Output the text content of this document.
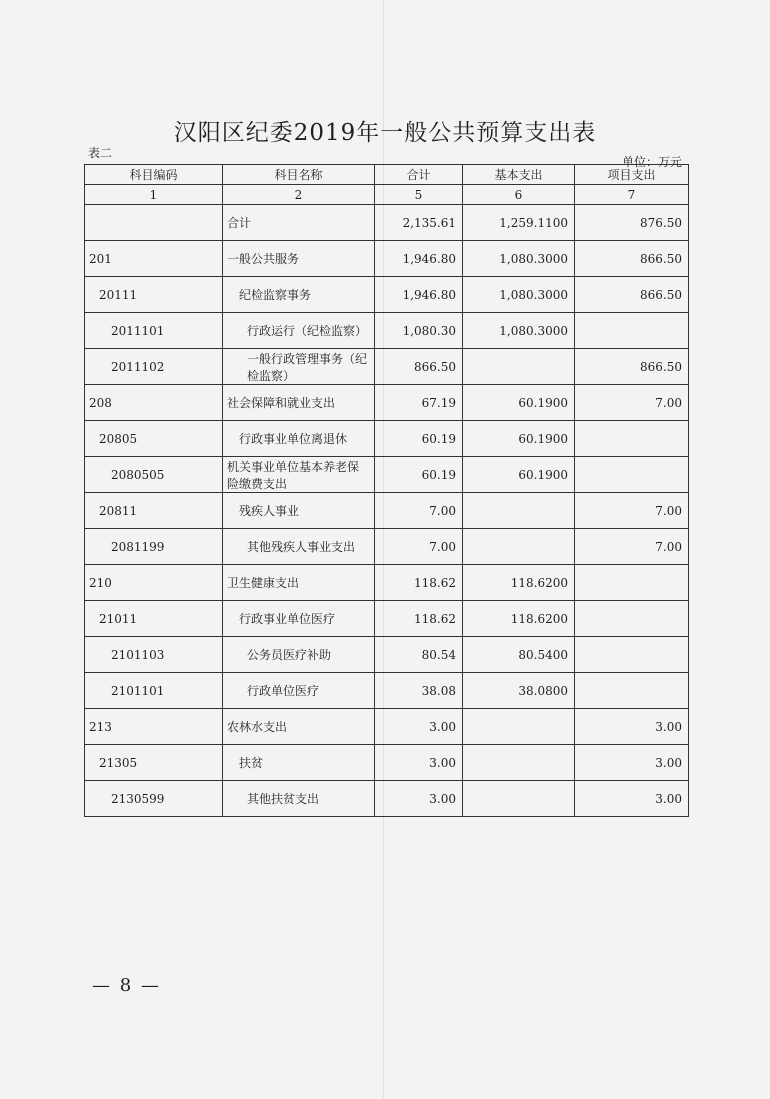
汉阳区纪委2019年一般公共预算支出表
表二
单位：万元
科目编码	科目名称	合计	基本支出	项目支出
1	2	5	6	7
	合计	2,135.61	1,259.1100	876.50
201	一般公共服务	1,946.80	1,080.3000	866.50
20111	纪检监察事务	1,946.80	1,080.3000	866.50
2011101	行政运行（纪检监察）	1,080.30	1,080.3000	
2011102	一般行政管理事务（纪检监察）	866.50		866.50
208	社会保障和就业支出	67.19	60.1900	7.00
20805	行政事业单位离退休	60.19	60.1900	
2080505	机关事业单位基本养老保险缴费支出	60.19	60.1900	
20811	残疾人事业	7.00		7.00
2081199	其他残疾人事业支出	7.00		7.00
210	卫生健康支出	118.62	118.6200	
21011	行政事业单位医疗	118.62	118.6200	
2101103	公务员医疗补助	80.54	80.5400	
2101101	行政单位医疗	38.08	38.0800	
213	农林水支出	3.00		3.00
21305	扶贫	3.00		3.00
2130599	其他扶贫支出	3.00		3.00
— 8 —
